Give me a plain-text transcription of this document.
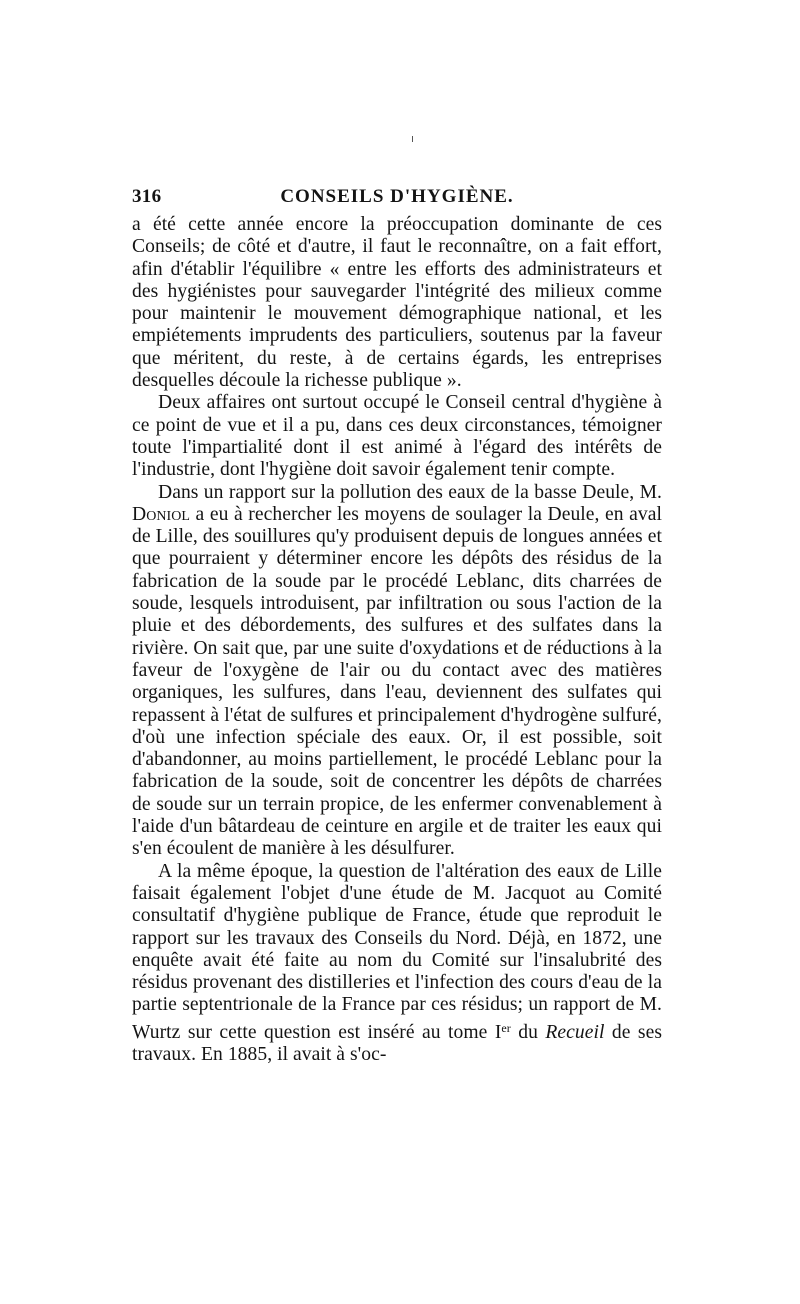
316	CONSEILS D'HYGIÈNE.

a été cette année encore la préoccupation dominante de ces Conseils; de côté et d'autre, il faut le reconnaître, on a fait effort, afin d'établir l'équilibre « entre les efforts des administrateurs et des hygiénistes pour sauvegarder l'intégrité des milieux comme pour maintenir le mouvement démographique national, et les empiétements imprudents des particuliers, soutenus par la faveur que méritent, du reste, à de certains égards, les entreprises desquelles découle la richesse publique ».

Deux affaires ont surtout occupé le Conseil central d'hygiène à ce point de vue et il a pu, dans ces deux circonstances, témoigner toute l'impartialité dont il est animé à l'égard des intérêts de l'industrie, dont l'hygiène doit savoir également tenir compte.

Dans un rapport sur la pollution des eaux de la basse Deule, M. Doniol a eu à rechercher les moyens de soulager la Deule, en aval de Lille, des souillures qu'y produisent depuis de longues années et que pourraient y déterminer encore les dépôts des résidus de la fabrication de la soude par le procédé Leblanc, dits charrées de soude, lesquels introduisent, par infiltration ou sous l'action de la pluie et des débordements, des sulfures et des sulfates dans la rivière. On sait que, par une suite d'oxydations et de réductions à la faveur de l'oxygène de l'air ou du contact avec des matières organiques, les sulfures, dans l'eau, deviennent des sulfates qui repassent à l'état de sulfures et principalement d'hydrogène sulfuré, d'où une infection spéciale des eaux. Or, il est possible, soit d'abandonner, au moins partiellement, le procédé Leblanc pour la fabrication de la soude, soit de concentrer les dépôts de charrées de soude sur un terrain propice, de les enfermer convenablement à l'aide d'un bâtardeau de ceinture en argile et de traiter les eaux qui s'en écoulent de manière à les désulfurer.

A la même époque, la question de l'altération des eaux de Lille faisait également l'objet d'une étude de M. Jacquot au Comité consultatif d'hygiène publique de France, étude que reproduit le rapport sur les travaux des Conseils du Nord. Déjà, en 1872, une enquête avait été faite au nom du Comité sur l'insalubrité des résidus provenant des distilleries et l'infection des cours d'eau de la partie septentrionale de la France par ces résidus; un rapport de M. Wurtz sur cette question est inséré au tome Ier du Recueil de ses travaux. En 1885, il avait à s'oc-
